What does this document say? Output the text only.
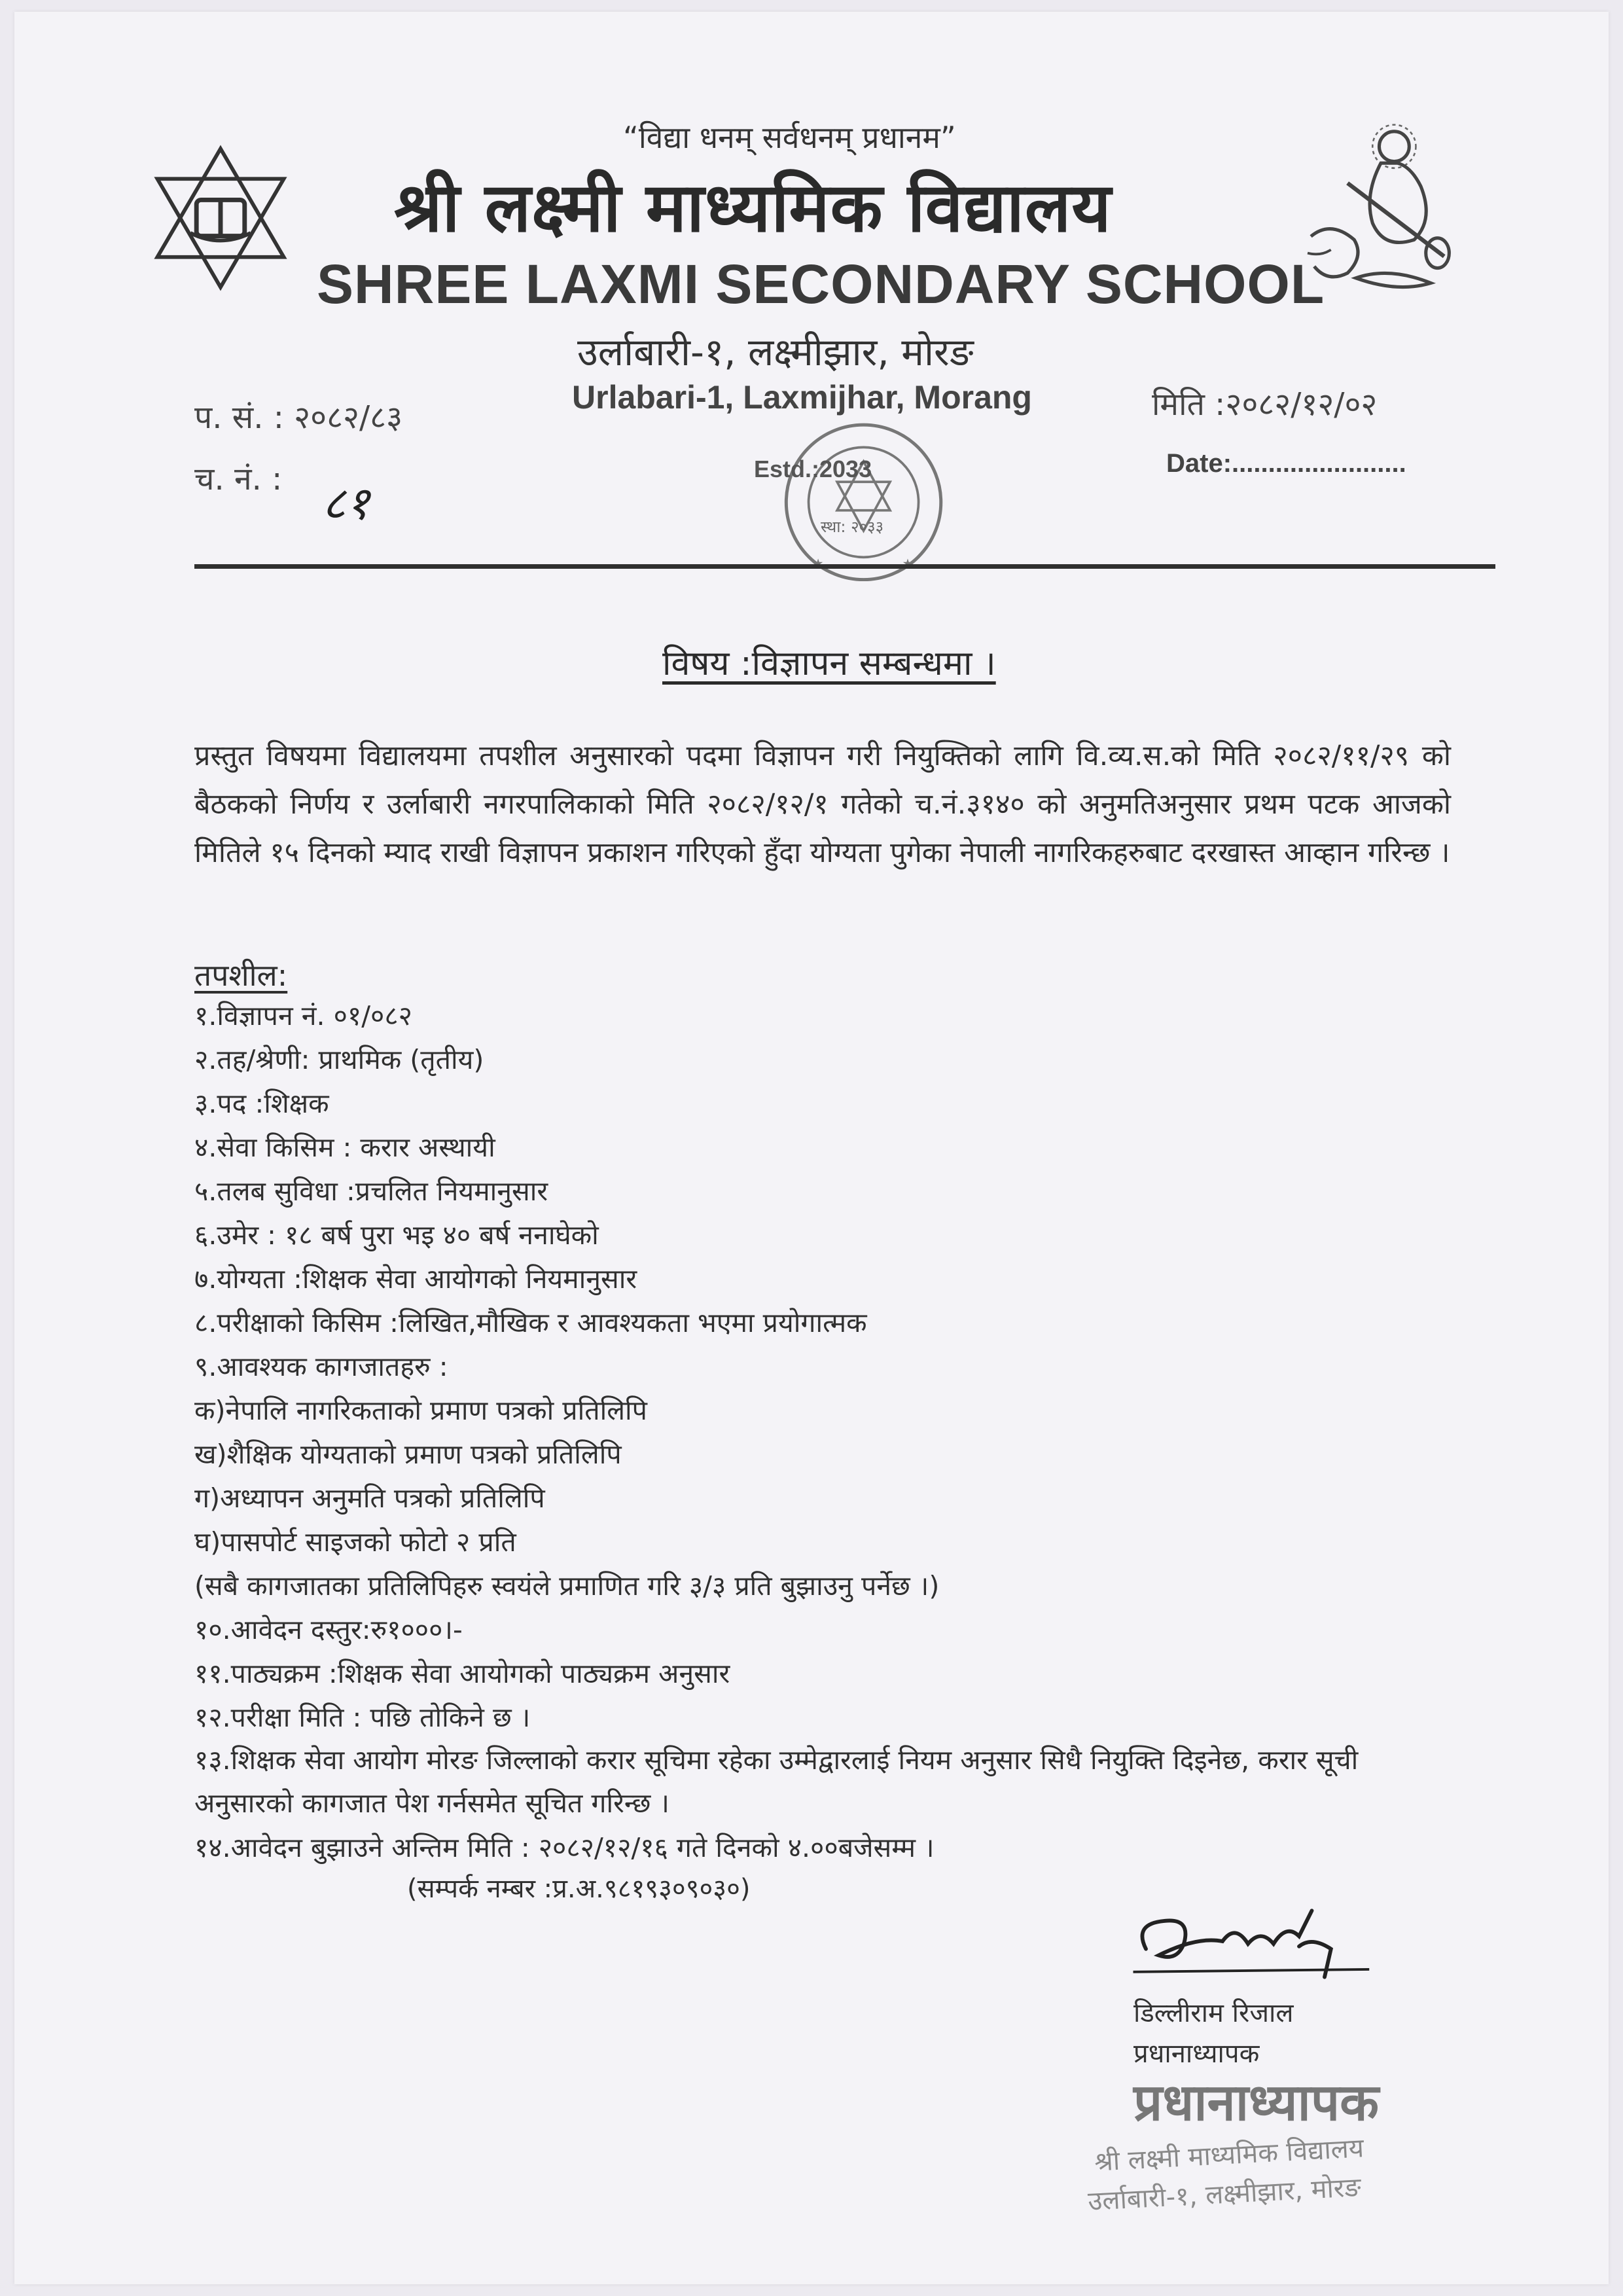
“विद्या धनम् सर्वधनम् प्रधानम”
श्री लक्ष्मी माध्यमिक विद्यालय
SHREE LAXMI SECONDARY SCHOOL
उर्लाबारी-१, लक्ष्मीझार, मोरङ
Urlabari-1, Laxmijhar, Morang
प. सं. : २०८२/८३
च. नं. : ८१
मिति :२०८२/१२/०२
Date:........................
Estd.:2033
स्था: २०३३
विषय :विज्ञापन सम्बन्धमा ।
प्रस्तुत विषयमा विद्यालयमा तपशील अनुसारको पदमा विज्ञापन गरी नियुक्तिको लागि वि.व्य.स.को मिति २०८२/११/२९ को बैठकको निर्णय र उर्लाबारी नगरपालिकाको मिति २०८२/१२/१ गतेको च.नं.३१४० को अनुमतिअनुसार प्रथम पटक आजको मितिले १५ दिनको म्याद राखी विज्ञापन प्रकाशन गरिएको हुँदा योग्यता पुगेका नेपाली नागरिकहरुबाट दरखास्त आव्हान गरिन्छ ।
तपशील:
१.विज्ञापन नं. ०१/०८२
२.तह/श्रेणी: प्राथमिक (तृतीय)
३.पद :शिक्षक
४.सेवा किसिम : करार अस्थायी
५.तलब सुविधा :प्रचलित नियमानुसार
६.उमेर : १८ बर्ष पुरा भइ ४० बर्ष ननाघेको
७.योग्यता :शिक्षक सेवा आयोगको नियमानुसार
८.परीक्षाको किसिम :लिखित,मौखिक र आवश्यकता भएमा प्रयोगात्मक
९.आवश्यक कागजातहरु :
क)नेपालि नागरिकताको प्रमाण पत्रको प्रतिलिपि
ख)शैक्षिक योग्यताको प्रमाण पत्रको प्रतिलिपि
ग)अध्यापन अनुमति पत्रको प्रतिलिपि
घ)पासपोर्ट साइजको फोटो २ प्रति
(सबै कागजातका प्रतिलिपिहरु स्वयंले प्रमाणित गरि ३/३ प्रति बुझाउनु पर्नेछ ।)
१०.आवेदन दस्तुर:रु१०००।-
११.पाठ्यक्रम :शिक्षक सेवा आयोगको पाठ्यक्रम अनुसार
१२.परीक्षा मिति : पछि तोकिने छ ।
१३.शिक्षक सेवा आयोग मोरङ जिल्लाको करार सूचिमा रहेका उम्मेद्वारलाई नियम अनुसार सिधै नियुक्ति दिइनेछ, करार सूची अनुसारको कागजात पेश गर्नसमेत सूचित गरिन्छ ।
१४.आवेदन बुझाउने अन्तिम मिति : २०८२/१२/१६ गते दिनको ४.००बजेसम्म ।
(सम्पर्क नम्बर :प्र.अ.९८१९३०९०३०)
डिल्लीराम रिजाल
प्रधानाध्यापक
प्रधानाध्यापक
श्री लक्ष्मी माध्यमिक विद्यालय
उर्लाबारी-१, लक्ष्मीझार, मोरङ
